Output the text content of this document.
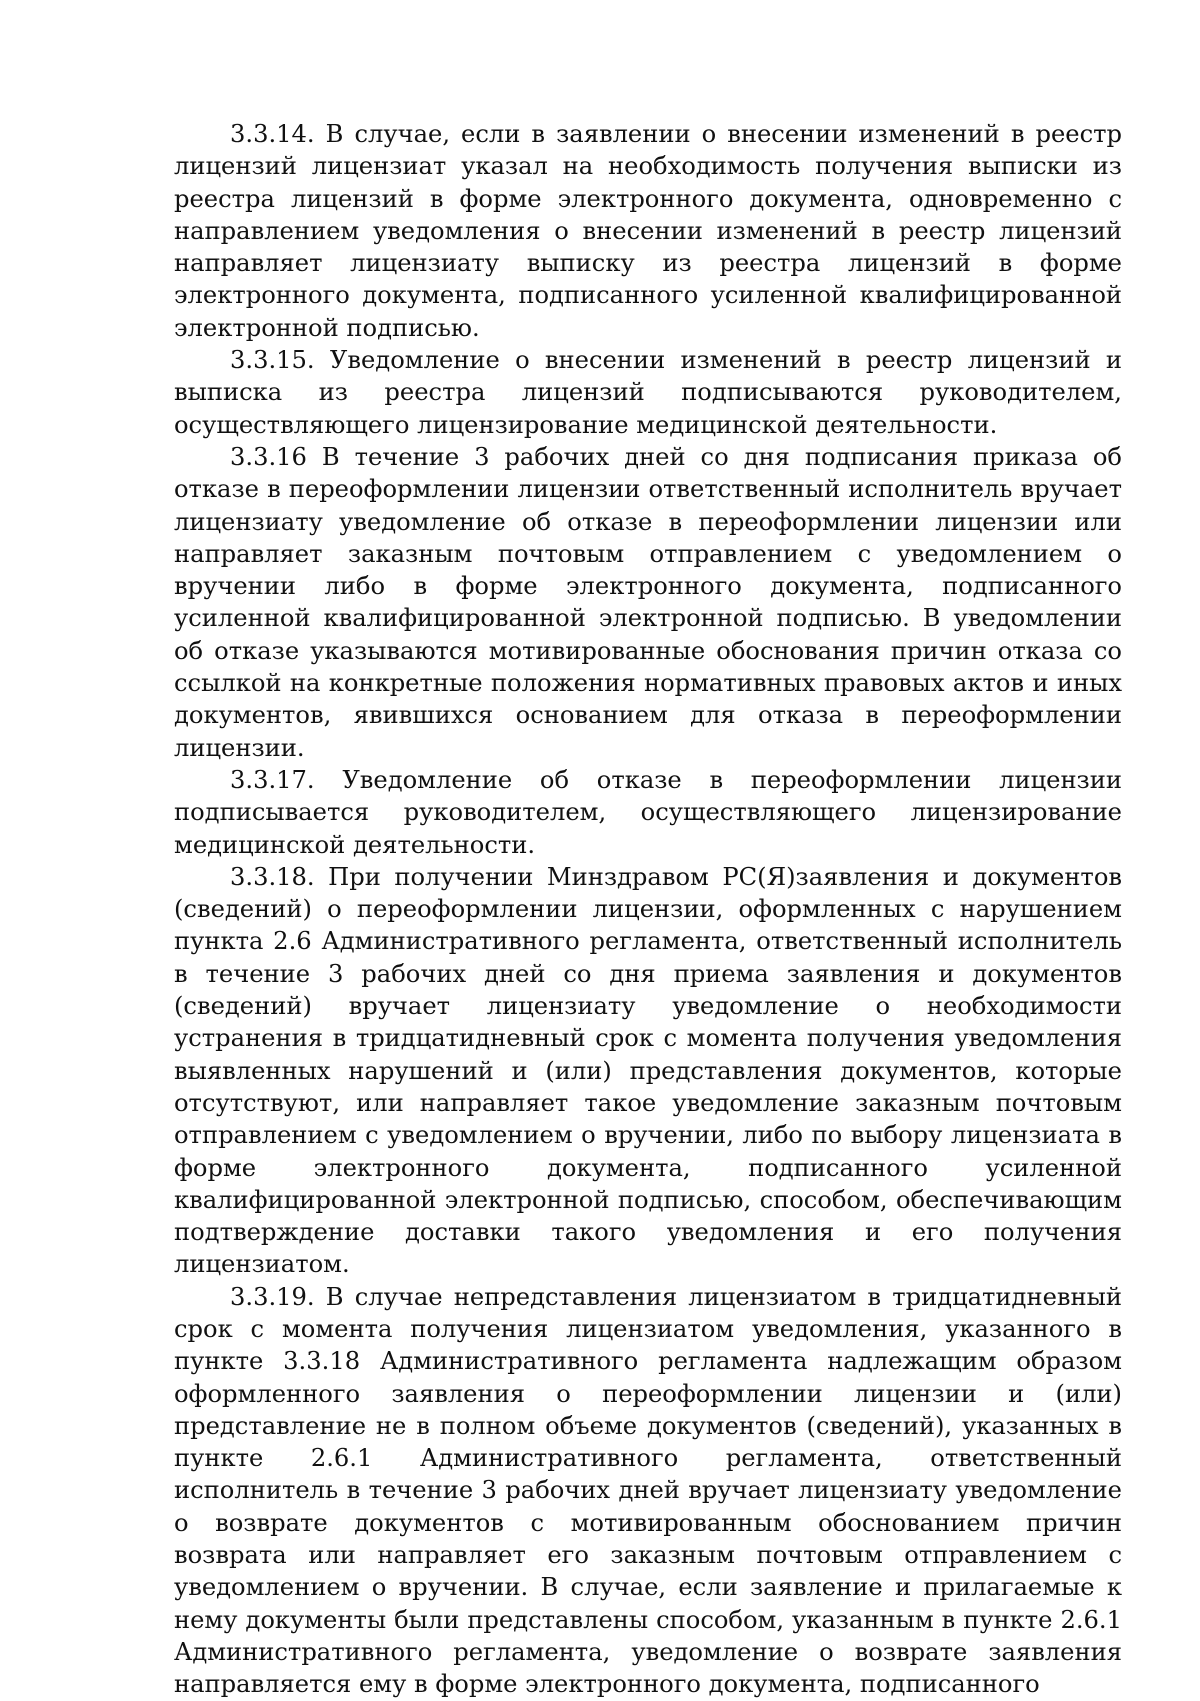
3.3.14. В случае, если в заявлении о внесении изменений в реестр лицензий лицензиат указал на необходимость получения выписки из реестра лицензий в форме электронного документа, одновременно с направлением уведомления о внесении изменений в реестр лицензий направляет лицензиату выписку из реестра лицензий в форме электронного документа, подписанного усиленной квалифицированной электронной подписью.

3.3.15. Уведомление о внесении изменений в реестр лицензий и выписка из реестра лицензий подписываются руководителем, осуществляющего лицензирование медицинской деятельности.

3.3.16 В течение 3 рабочих дней со дня подписания приказа об отказе в переоформлении лицензии ответственный исполнитель вручает лицензиату уведомление об отказе в переоформлении лицензии или направляет заказным почтовым отправлением с уведомлением о вручении либо в форме электронного документа, подписанного усиленной квалифицированной электронной подписью. В уведомлении об отказе указываются мотивированные обоснования причин отказа со ссылкой на конкретные положения нормативных правовых актов и иных документов, явившихся основанием для отказа в переоформлении лицензии.

3.3.17. Уведомление об отказе в переоформлении лицензии подписывается руководителем, осуществляющего лицензирование медицинской деятельности.

3.3.18. При получении Минздравом РС(Я)заявления и документов (сведений) о переоформлении лицензии, оформленных с нарушением пункта 2.6 Административного регламента, ответственный исполнитель в течение 3 рабочих дней со дня приема заявления и документов (сведений) вручает лицензиату уведомление о необходимости устранения в тридцатидневный срок с момента получения уведомления выявленных нарушений и (или) представления документов, которые отсутствуют, или направляет такое уведомление заказным почтовым отправлением с уведомлением о вручении, либо по выбору лицензиата в форме электронного документа, подписанного усиленной квалифицированной электронной подписью, способом, обеспечивающим подтверждение доставки такого уведомления и его получения лицензиатом.

3.3.19. В случае непредставления лицензиатом в тридцатидневный срок с момента получения лицензиатом уведомления, указанного в пункте 3.3.18 Административного регламента надлежащим образом оформленного заявления о переоформлении лицензии и (или) представление не в полном объеме документов (сведений), указанных в пункте 2.6.1 Административного регламента, ответственный исполнитель в течение 3 рабочих дней вручает лицензиату уведомление о возврате документов с мотивированным обоснованием причин возврата или направляет его заказным почтовым отправлением с уведомлением о вручении. В случае, если заявление и прилагаемые к нему документы были представлены способом, указанным в пункте 2.6.1 Административного регламента, уведомление о возврате заявления направляется ему в форме электронного документа, подписанного
